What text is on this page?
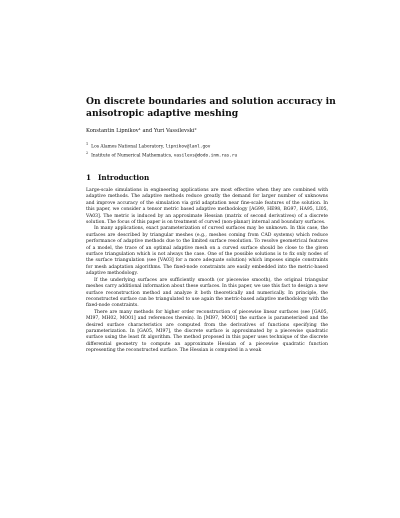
On discrete boundaries and solution accuracy in anisotropic adaptive meshing
Konstantin Lipnikov¹ and Yuri Vassilevski²
$^1$Los Alamos National Laboratory, lipnikov@lanl.gov
$^2$Institute of Numerical Mathematics, vasilevs@dodo.inm.ras.ru
1 Introduction

Large-scale simulations in engineering applications are most effective when they are combined with adaptive methods. The adaptive methods reduce greatly the demand for larger number of unknowns and improve accuracy of the simulation via grid adaptation near fine-scale features of the solution. In this paper, we consider a tensor metric based adaptive methodology [AG99, HE98, BG97, HA95, LI05, VA03]. The metric is induced by an approximate Hessian (matrix of second derivatives) of a discrete solution. The focus of this paper is on treatment of curved (non-planar) internal and boundary surfaces.

In many applications, exact parameterization of curved surfaces may be unknown. In this case, the surfaces are described by triangular meshes (e.g., meshes coming from CAD systems) which reduce performance of adaptive methods due to the limited surface resolution. To resolve geometrical features of a model, the trace of an optimal adaptive mesh on a curved surface should be close to the given surface triangulation which is not always the case. One of the possible solutions is to fix only nodes of the surface triangulation (see [VA03] for a more adequate solution) which imposes simple constraints for mesh adaptation algorithms. The fixed-node constraints are easily embedded into the metric-based adaptive methodology.

If the underlying surfaces are sufficiently smooth (or piecewise smooth), the original triangular meshes carry additional information about these surfaces. In this paper, we use this fact to design a new surface reconstruction method and analyze it both theoretically and numerically. In principle, the reconstructed surface can be triangulated to use again the metric-based adaptive methodology with the fixed-node constraints.

There are many methods for higher order reconstruction of piecewise linear surfaces (see [GA05, MI97, MH02, MO01] and references therein). In [MI97, MO01] the surface is parameterized and the desired surface characteristics are computed from the derivatives of functions specifying the parameterization. In [GA05, MI97], the discrete surface is approximated by a piecewise quadratic surface using the least fit algorithm. The method proposed in this paper uses technique of the discrete differential geometry to compute an approximate Hessian of a piecewise quadratic function representing the reconstructed surface. The Hessian is computed in a weak
